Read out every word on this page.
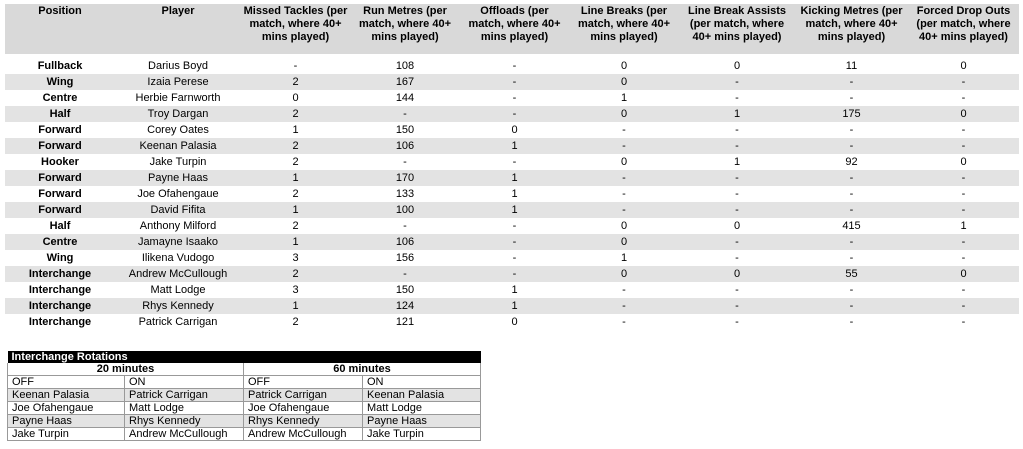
Position	Player	Missed Tackles (per match, where 40+ mins played)	Run Metres (per match, where 40+ mins played)	Offloads (per match, where 40+ mins played)	Line Breaks (per match, where 40+ mins played)	Line Break Assists (per match, where 40+ mins played)	Kicking Metres (per match, where 40+ mins played)	Forced Drop Outs (per match, where 40+ mins played)

Fullback	Darius Boyd	-	108	-	0	0	11	0
Wing	Izaia Perese	2	167	-	0	-	-	-
Centre	Herbie Farnworth	0	144	-	1	-	-	-
Half	Troy Dargan	2	-	-	0	1	175	0
Forward	Corey Oates	1	150	0	-	-	-	-
Forward	Keenan Palasia	2	106	1	-	-	-	-
Hooker	Jake Turpin	2	-	-	0	1	92	0
Forward	Payne Haas	1	170	1	-	-	-	-
Forward	Joe Ofahengaue	2	133	1	-	-	-	-
Forward	David Fifita	1	100	1	-	-	-	-
Half	Anthony Milford	2	-	-	0	0	415	1
Centre	Jamayne Isaako	1	106	-	0	-	-	-
Wing	Ilikena Vudogo	3	156	-	1	-	-	-
Interchange	Andrew McCullough	2	-	-	0	0	55	0
Interchange	Matt Lodge	3	150	1	-	-	-	-
Interchange	Rhys Kennedy	1	124	1	-	-	-	-
Interchange	Patrick Carrigan	2	121	0	-	-	-	-
Interchange Rotations			
20 minutes		60 minutes	
OFF	ON	OFF	ON
Keenan Palasia	Patrick Carrigan	Patrick Carrigan	Keenan Palasia
Joe Ofahengaue	Matt Lodge	Joe Ofahengaue	Matt Lodge
Payne Haas	Rhys Kennedy	Rhys Kennedy	Payne Haas
Jake Turpin	Andrew McCullough	Andrew McCullough	Jake Turpin
